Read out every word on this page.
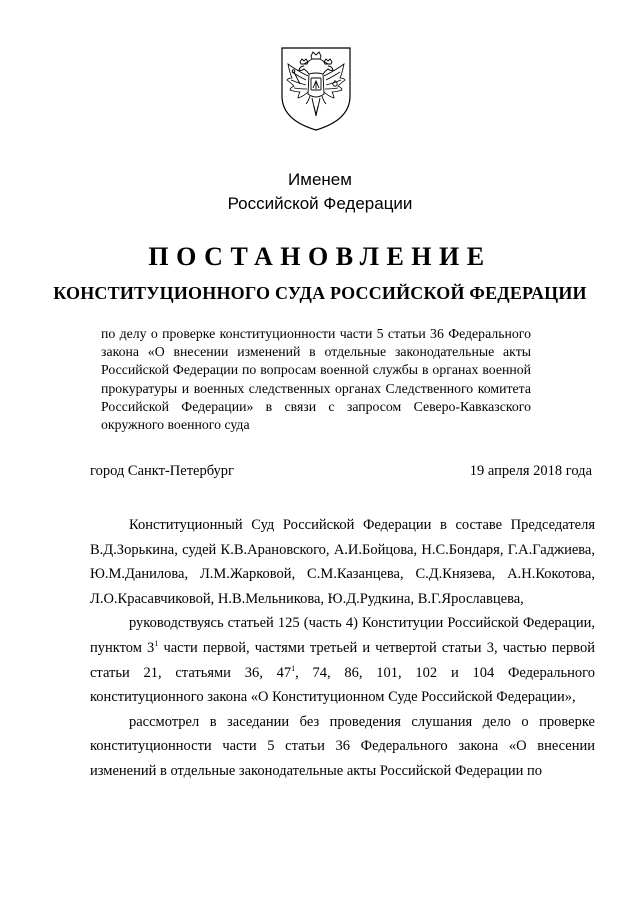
Именем
Российской Федерации
ПОСТАНОВЛЕНИЕ
КОНСТИТУЦИОННОГО СУДА РОССИЙСКОЙ ФЕДЕРАЦИИ
по делу о проверке конституционности части 5 статьи 36 Федерального закона «О внесении изменений в отдельные законодательные акты Российской Федерации по вопросам военной службы в органах военной прокуратуры и военных следственных органах Следственного комитета Российской Федерации» в связи с запросом Северо-Кавказского окружного военного суда
город Санкт-Петербург	19 апреля 2018 года

Конституционный Суд Российской Федерации в составе Председателя В.Д.Зорькина, судей К.В.Арановского, А.И.Бойцова, Н.С.Бондаря, Г.А.Гаджиева, Ю.М.Данилова, Л.М.Жарковой, С.М.Казанцева, С.Д.Князева, А.Н.Кокотова, Л.О.Красавчиковой, Н.В.Мельникова, Ю.Д.Рудкина, В.Г.Ярославцева,

руководствуясь статьей 125 (часть 4) Конституции Российской Федерации, пунктом $3^1$ части первой, частями третьей и четвертой статьи 3, частью первой статьи 21, статьями 36, $47^1$, 74, 86, 101, 102 и 104 Федерального конституционного закона «О Конституционном Суде Российской Федерации»,

рассмотрел в заседании без проведения слушания дело о проверке конституционности части 5 статьи 36 Федерального закона «О внесении изменений в отдельные законодательные акты Российской Федерации по
